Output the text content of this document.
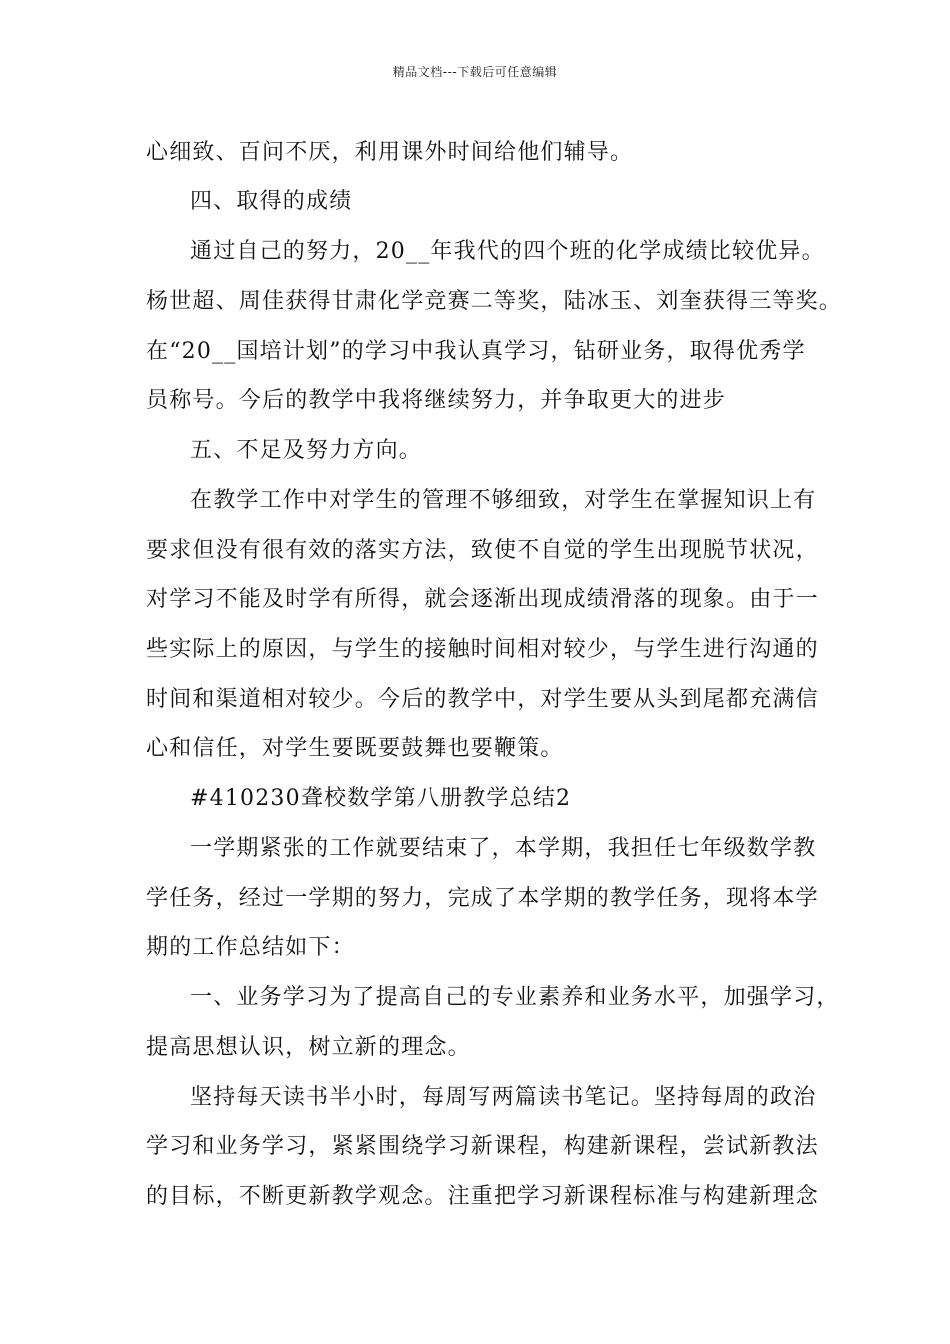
精品文档---下载后可任意编辑
心细致、百问不厌，利用课外时间给他们辅导。
四、取得的成绩
通过自己的努力，20__年我代的四个班的化学成绩比较优异。
杨世超、周佳获得甘肃化学竞赛二等奖，陆冰玉、刘奎获得三等奖。
在“20__国培计划”的学习中我认真学习，钻研业务，取得优秀学
员称号。今后的教学中我将继续努力，并争取更大的进步
五、不足及努力方向。
在教学工作中对学生的管理不够细致，对学生在掌握知识上有
要求但没有很有效的落实方法，致使不自觉的学生出现脱节状况，
对学习不能及时学有所得，就会逐渐出现成绩滑落的现象。由于一
些实际上的原因，与学生的接触时间相对较少，与学生进行沟通的
时间和渠道相对较少。今后的教学中，对学生要从头到尾都充满信
心和信任，对学生要既要鼓舞也要鞭策。
#410230聋校数学第八册教学总结2
一学期紧张的工作就要结束了，本学期，我担任七年级数学教
学任务，经过一学期的努力，完成了本学期的教学任务，现将本学
期的工作总结如下：
一、业务学习为了提高自己的专业素养和业务水平，加强学习，
提高思想认识，树立新的理念。
坚持每天读书半小时，每周写两篇读书笔记。坚持每周的政治
学习和业务学习，紧紧围绕学习新课程，构建新课程，尝试新教法
的目标，不断更新教学观念。注重把学习新课程标准与构建新理念
